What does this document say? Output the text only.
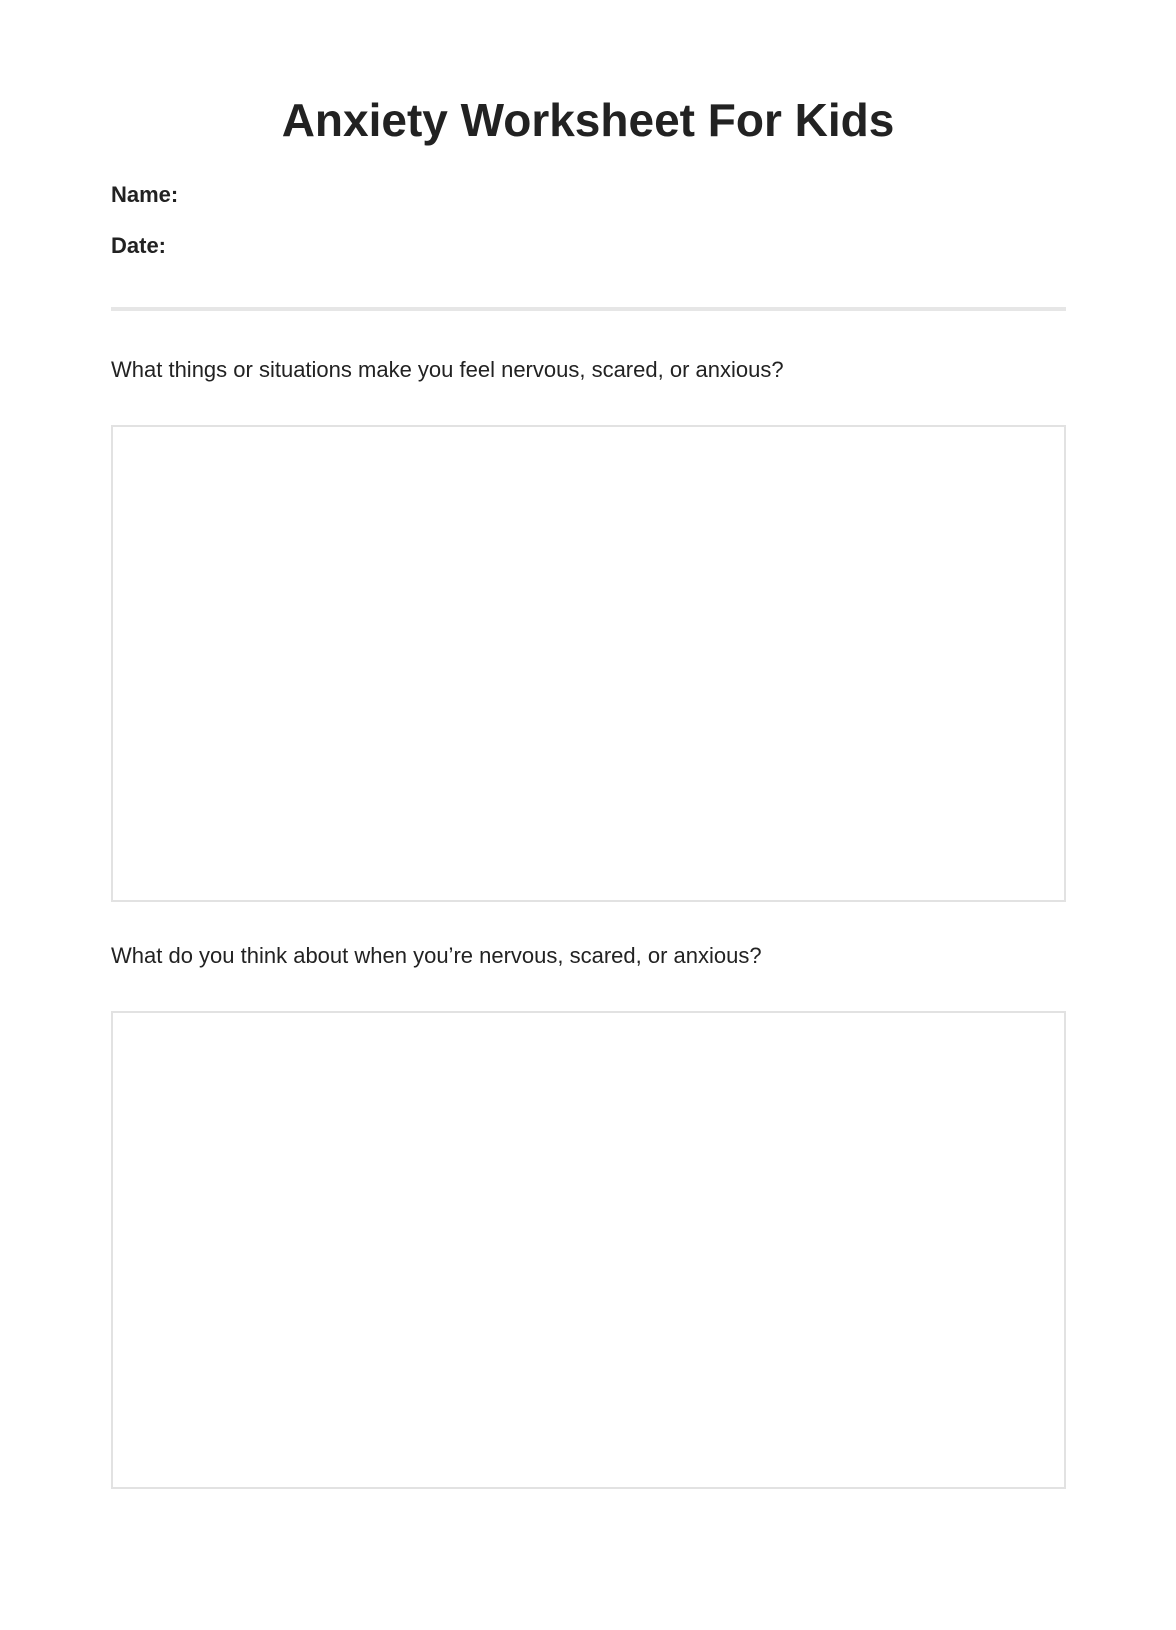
Anxiety Worksheet For Kids
Name:
Date:
What things or situations make you feel nervous, scared, or anxious?
What do you think about when you’re nervous, scared, or anxious?
